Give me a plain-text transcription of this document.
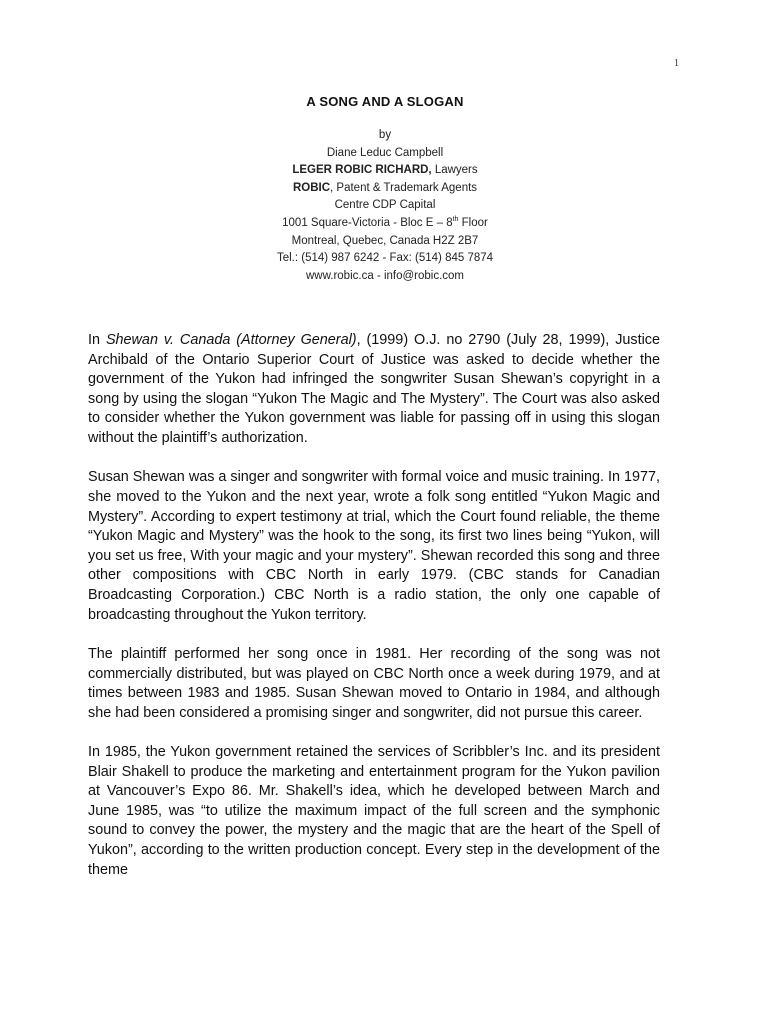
1
A SONG AND A SLOGAN
by
Diane Leduc Campbell
LEGER ROBIC RICHARD, Lawyers
ROBIC, Patent & Trademark Agents
Centre CDP Capital
1001 Square-Victoria - Bloc E – 8th Floor
Montreal, Quebec, Canada H2Z 2B7
Tel.: (514) 987 6242 - Fax: (514) 845 7874
www.robic.ca - info@robic.com

In Shewan v. Canada (Attorney General), (1999) O.J. no 2790 (July 28, 1999), Justice Archibald of the Ontario Superior Court of Justice was asked to decide whether the government of the Yukon had infringed the songwriter Susan Shewan’s copyright in a song by using the slogan “Yukon The Magic and The Mystery”. The Court was also asked to consider whether the Yukon government was liable for passing off in using this slogan without the plaintiff’s authorization.

Susan Shewan was a singer and songwriter with formal voice and music training. In 1977, she moved to the Yukon and the next year, wrote a folk song entitled “Yukon Magic and Mystery”. According to expert testimony at trial, which the Court found reliable, the theme “Yukon Magic and Mystery” was the hook to the song, its first two lines being “Yukon, will you set us free, With your magic and your mystery”. Shewan recorded this song and three other compositions with CBC North in early 1979. (CBC stands for Canadian Broadcasting Corporation.) CBC North is a radio station, the only one capable of broadcasting throughout the Yukon territory.

The plaintiff performed her song once in 1981. Her recording of the song was not commercially distributed, but was played on CBC North once a week during 1979, and at times between 1983 and 1985. Susan Shewan moved to Ontario in 1984, and although she had been considered a promising singer and songwriter, did not pursue this career.

In 1985, the Yukon government retained the services of Scribbler’s Inc. and its president Blair Shakell to produce the marketing and entertainment program for the Yukon pavilion at Vancouver’s Expo 86. Mr. Shakell’s idea, which he developed between March and June 1985, was “to utilize the maximum impact of the full screen and the symphonic sound to convey the power, the mystery and the magic that are the heart of the Spell of Yukon”, according to the written production concept. Every step in the development of the theme
